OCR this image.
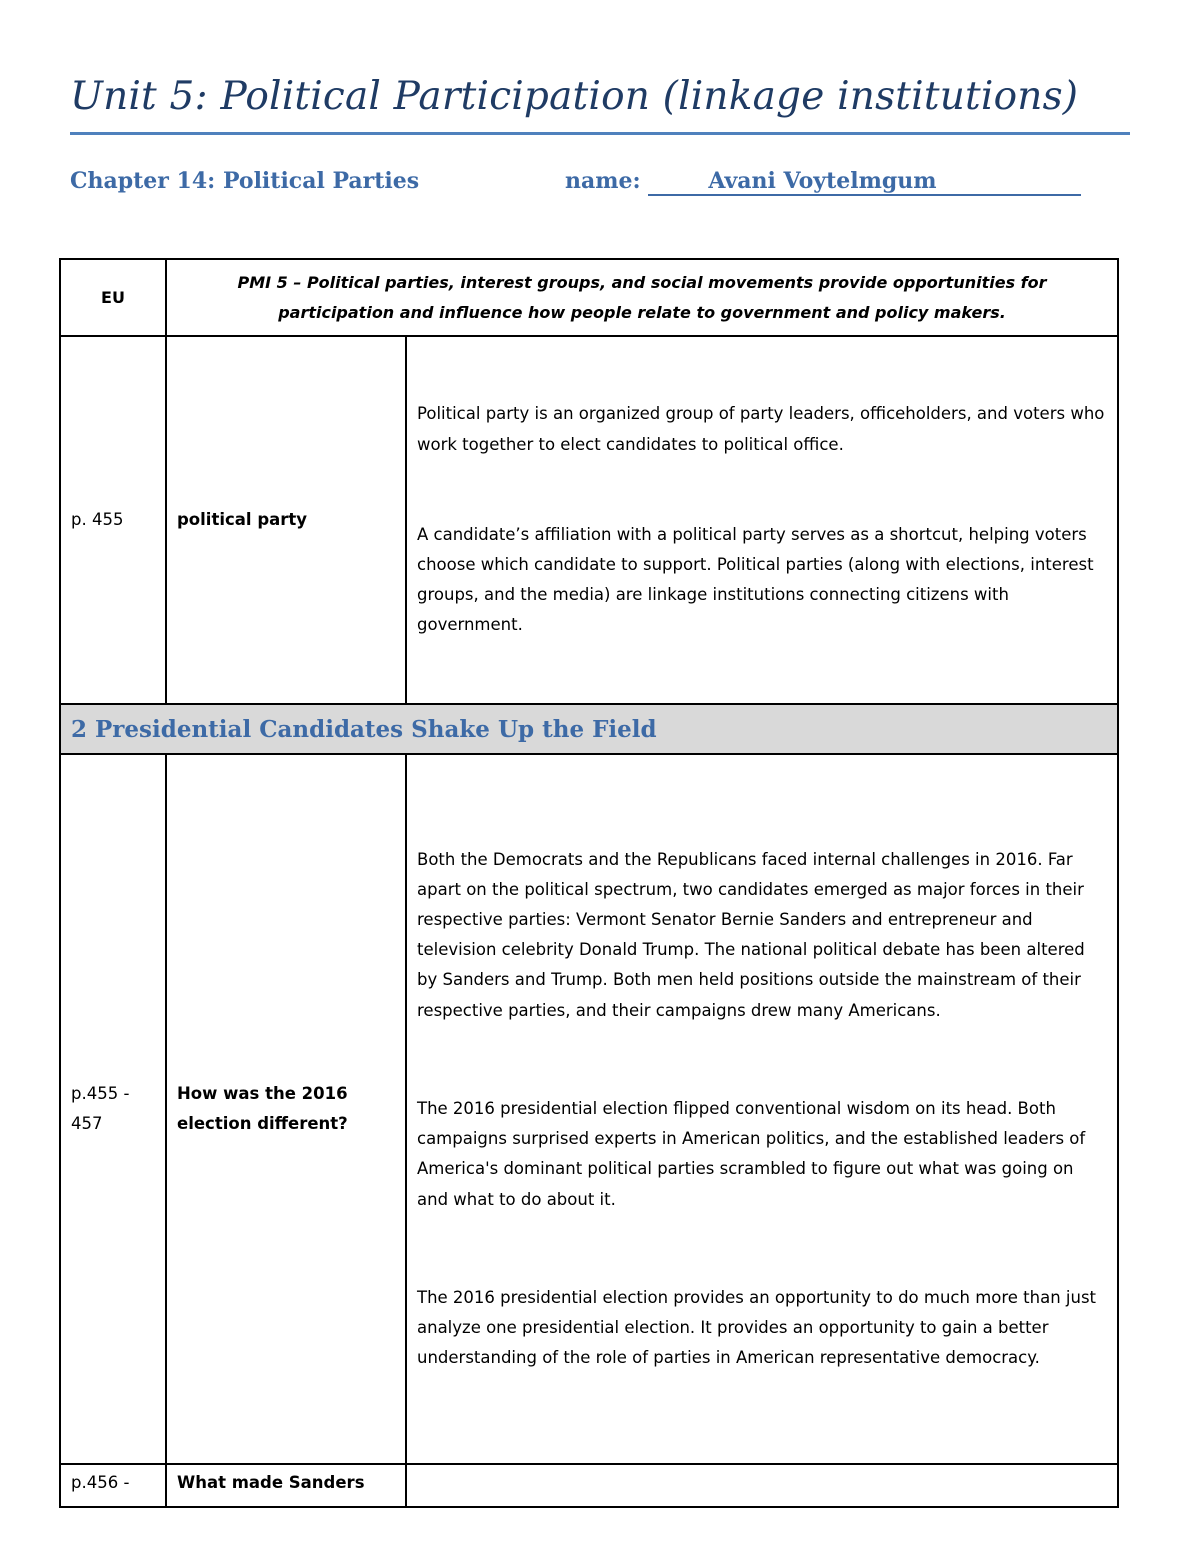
Unit 5: Political Participation (linkage institutions)
Chapter 14: Political Parties	name:	Avani Voytelmgum
EU	PMI 5 – Political parties, interest groups, and social movements provide opportunities for participation and influence how people relate to government and policy makers.	
p. 455	political party	Political party is an organized group of party leaders, officeholders, and voters who work together to elect candidates to political office.

A candidate’s affiliation with a political party serves as a shortcut, helping voters choose which candidate to support. Political parties (along with elections, interest groups, and the media) are linkage institutions connecting citizens with government.

2 Presidential Candidates Shake Up the Field		
p.455 - 457	How was the 2016 election different?	Both the Democrats and the Republicans faced internal challenges in 2016. Far apart on the political spectrum, two candidates emerged as major forces in their respective parties: Vermont Senator Bernie Sanders and entrepreneur and television celebrity Donald Trump. The national political debate has been altered by Sanders and Trump. Both men held positions outside the mainstream of their respective parties, and their campaigns drew many Americans.

The 2016 presidential election flipped conventional wisdom on its head. Both campaigns surprised experts in American politics, and the established leaders of America's dominant political parties scrambled to figure out what was going on and what to do about it.

The 2016 presidential election provides an opportunity to do much more than just analyze one presidential election. It provides an opportunity to gain a better understanding of the role of parties in American representative democracy.

p.456 -	What made Sanders	
